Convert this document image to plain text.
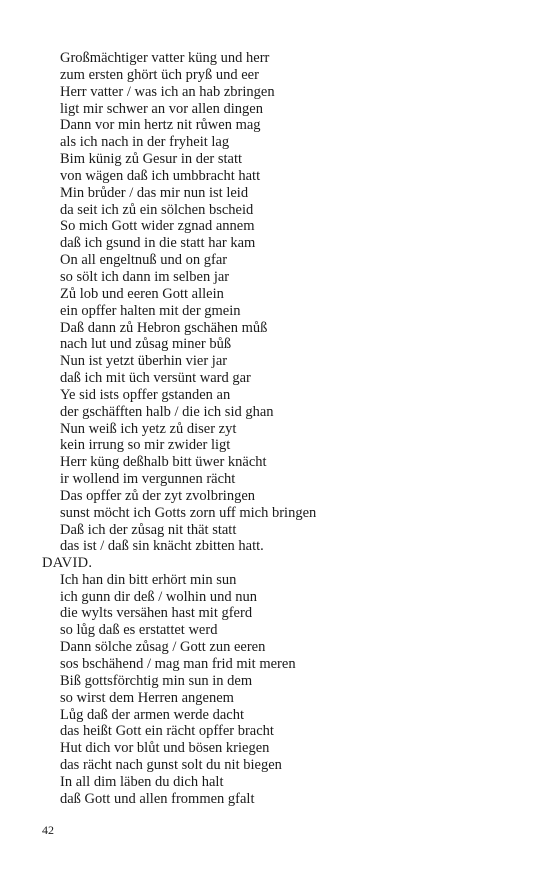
Großmächtiger vatter küng und herr
zum ersten ghört üch pryß und eer
Herr vatter / was ich an hab zbringen
ligt mir schwer an vor allen dingen
Dann vor min hertz nit růwen mag
als ich nach in der fryheit lag
Bim künig zů Gesur in der statt
von wägen daß ich umbbracht hatt
Min brůder / das mir nun ist leid
da seit ich zů ein sölchen bscheid
So mich Gott wider zgnad annem
daß ich gsund in die statt har kam
On all engeltnuß und on gfar
so sölt ich dann im selben jar
Zů lob und eeren Gott allein
ein opffer halten mit der gmein
Daß dann zů Hebron gschähen můß
nach lut und zůsag miner bůß
Nun ist yetzt überhin vier jar
daß ich mit üch versünt ward gar
Ye sid ists opffer gstanden an
der gschäfften halb / die ich sid ghan
Nun weiß ich yetz zů diser zyt
kein irrung so mir zwider ligt
Herr küng deßhalb bitt üwer knächt
ir wollend im vergunnen rächt
Das opffer zů der zyt zvolbringen
sunst möcht ich Gotts zorn uff mich bringen
Daß ich der zůsag nit thät statt
das ist / daß sin knächt zbitten hatt.
DAVID.
Ich han din bitt erhört min sun
ich gunn dir deß / wolhin und nun
die wylts versähen hast mit gferd
so lůg daß es erstattet werd
Dann sölche zůsag / Gott zun eeren
sos bschähend / mag man frid mit meren
Biß gottsförchtig min sun in dem
so wirst dem Herren angenem
Lůg daß der armen werde dacht
das heißt Gott ein rächt opffer bracht
Hut dich vor blůt und bösen kriegen
das rächt nach gunst solt du nit biegen
In all dim läben du dich halt
daß Gott und allen frommen gfalt
42
